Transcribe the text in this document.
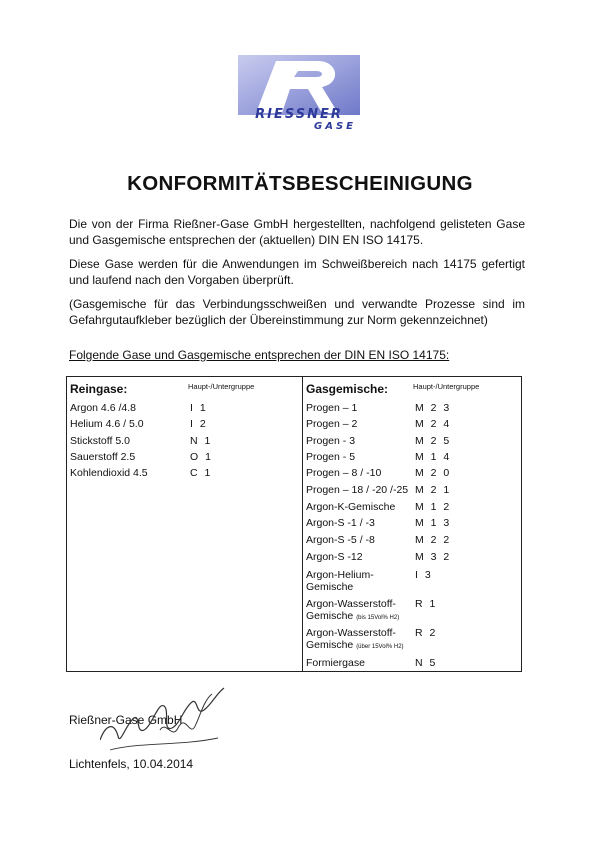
RIESSNER
GASE
KONFORMITÄTSBESCHEINIGUNG
Die von der Firma Rießner-Gase GmbH hergestellten, nachfolgend gelisteten Gase und Gasgemische entsprechen der (aktuellen) DIN EN ISO 14175.
Diese Gase werden für die Anwendungen im Schweißbereich nach 14175 gefertigt und laufend nach den Vorgaben überprüft.
(Gasgemische für das Verbindungsschweißen und verwandte Prozesse sind im Gefahrgutaufkleber bezüglich der Übereinstimmung zur Norm gekennzeichnet)
Folgende Gase und Gasgemische entsprechen der DIN EN ISO 14175:
Reingase:	Haupt-/Untergruppe	Gasgemische:	Haupt-/Untergruppe
Argon 4.6 /4.8	I 1
Helium 4.6 / 5.0	I 2
Stickstoff 5.0	N 1
Sauerstoff 2.5	O 1
Kohlendioxid 4.5	C 1
Progen – 1	M 2 3
Progen – 2	M 2 4
Progen - 3	M 2 5
Progen - 5	M 1 4
Progen – 8 / -10	M 2 0
Progen – 18 / -20 /-25 M 2 1
Argon-K-Gemische M 1 2
Argon-S -1 / -3	M 1 3
Argon-S -5 / -8	M 2 2
Argon-S -12	M 3 2
Argon-Helium-
Gemische
I 3
Argon-Wasserstoff-
Gemische (bis 15Vol% H2)
R 1
Argon-Wasserstoff-
Gemische (über 15Vol% H2)
R 2
Formiergase	N 5
Rießner-Gase GmbH
Lichtenfels, 10.04.2014
